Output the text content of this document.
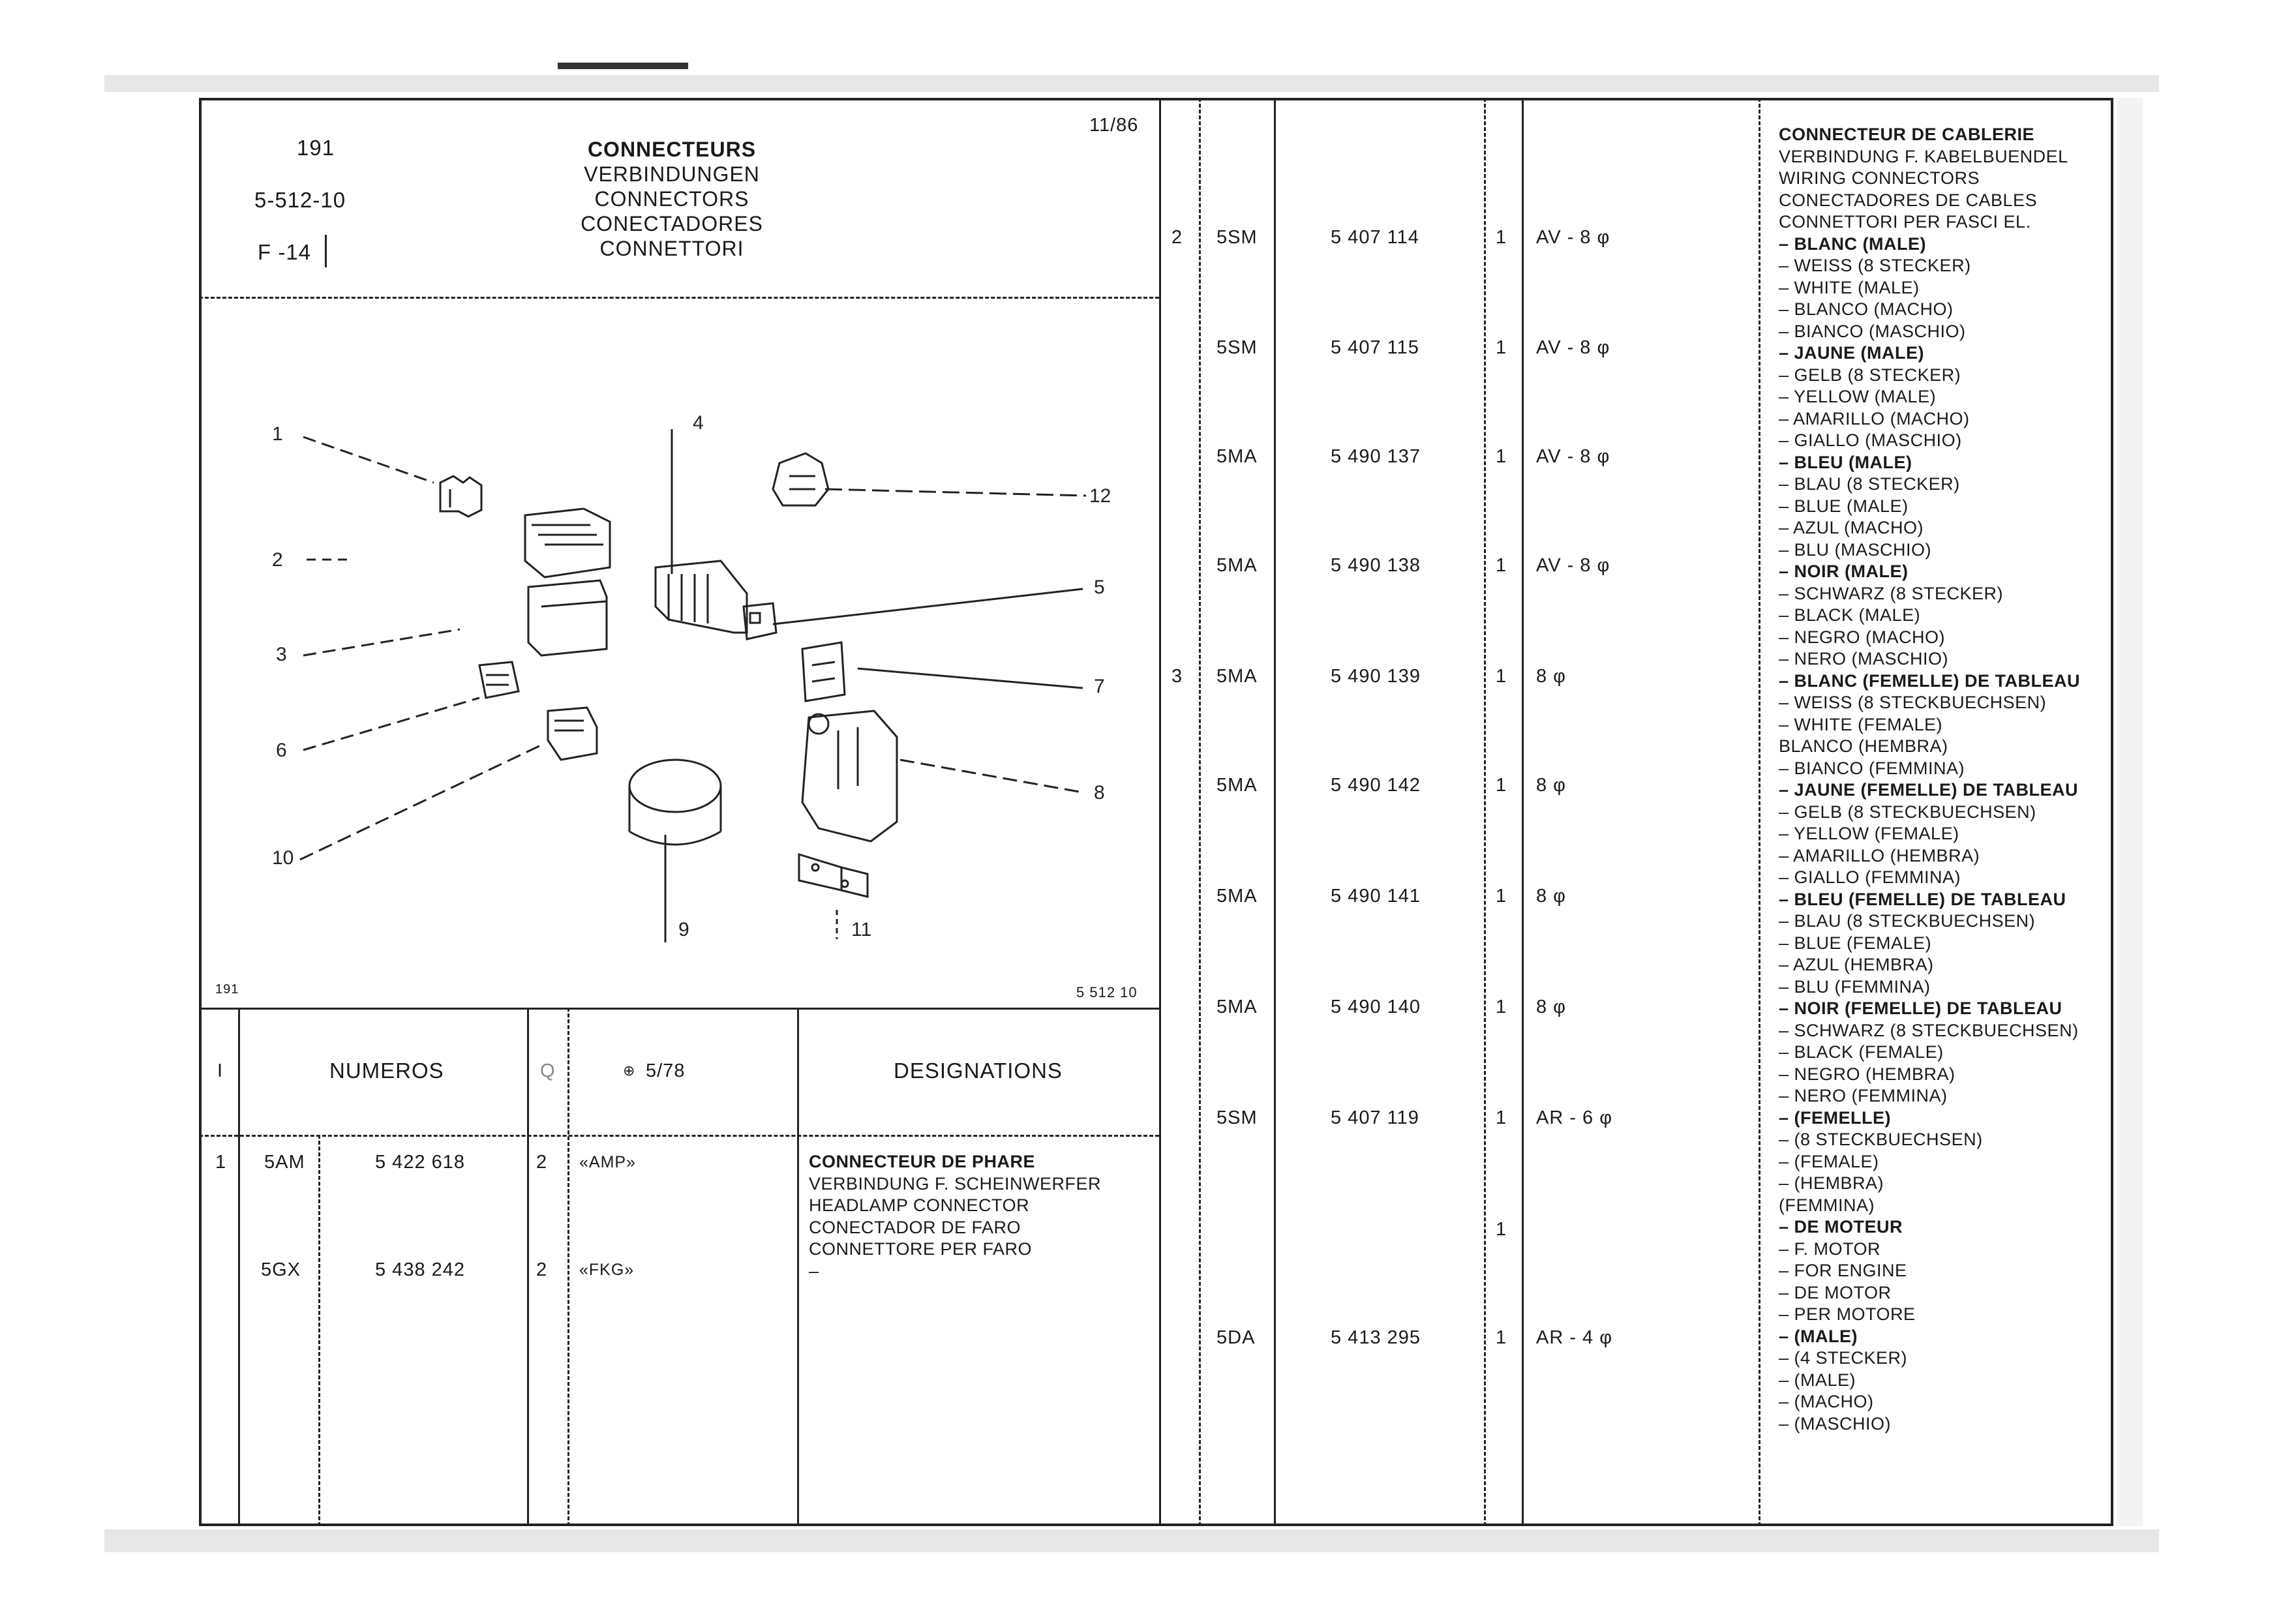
191
5-512-10
F -14
11/86
CONNECTEURS
VERBINDUNGEN
CONNECTORS
CONECTADORES
CONNETTORI
1
2
3
4
5
6
7
8
9
10
11
12
191	5 512 10
I	NUMEROS	Q	⊕ 5/78	DESIGNATIONS
1 5AM	5 422 618	2 «AMP»
5GX	5 438 242	2 «FKG»
CONNECTEUR DE PHARE
VERBINDUNG F. SCHEINWERFER
HEADLAMP CONNECTOR
CONECTADOR DE FARO
CONNETTORE PER FARO
–
2 5SM	5 407 114	1 AV - 8 φ
5SM	5 407 115	1 AV - 8 φ
5MA	5 490 137	1 AV - 8 φ
5MA	5 490 138	1 AV - 8 φ
3 5MA	5 490 139	1 8 φ
5MA	5 490 142	1 8 φ
5MA	5 490 141	1 8 φ
5MA	5 490 140	1 8 φ
5SM	5 407 119	1 AR - 6 φ
1
5DA	5 413 295	1 AR - 4 φ
CONNECTEUR DE CABLERIE
VERBINDUNG F. KABELBUENDEL
WIRING CONNECTORS
CONECTADORES DE CABLES
CONNETTORI PER FASCI EL.
– BLANC (MALE)
– WEISS (8 STECKER)
– WHITE (MALE)
– BLANCO (MACHO)
– BIANCO (MASCHIO)
– JAUNE (MALE)
– GELB (8 STECKER)
– YELLOW (MALE)
– AMARILLO (MACHO)
– GIALLO (MASCHIO)
– BLEU (MALE)
– BLAU (8 STECKER)
– BLUE (MALE)
– AZUL (MACHO)
– BLU (MASCHIO)
– NOIR (MALE)
– SCHWARZ (8 STECKER)
– BLACK (MALE)
– NEGRO (MACHO)
– NERO (MASCHIO)
– BLANC (FEMELLE) DE TABLEAU
– WEISS (8 STECKBUECHSEN)
– WHITE (FEMALE)
BLANCO (HEMBRA)
– BIANCO (FEMMINA)
– JAUNE (FEMELLE) DE TABLEAU
– GELB (8 STECKBUECHSEN)
– YELLOW (FEMALE)
– AMARILLO (HEMBRA)
– GIALLO (FEMMINA)
– BLEU (FEMELLE) DE TABLEAU
– BLAU (8 STECKBUECHSEN)
– BLUE (FEMALE)
– AZUL (HEMBRA)
– BLU (FEMMINA)
– NOIR (FEMELLE) DE TABLEAU
– SCHWARZ (8 STECKBUECHSEN)
– BLACK (FEMALE)
– NEGRO (HEMBRA)
– NERO (FEMMINA)
– (FEMELLE)
– (8 STECKBUECHSEN)
– (FEMALE)
– (HEMBRA)
(FEMMINA)
– DE MOTEUR
– F. MOTOR
– FOR ENGINE
– DE MOTOR
– PER MOTORE
– (MALE)
– (4 STECKER)
– (MALE)
– (MACHO)
– (MASCHIO)
